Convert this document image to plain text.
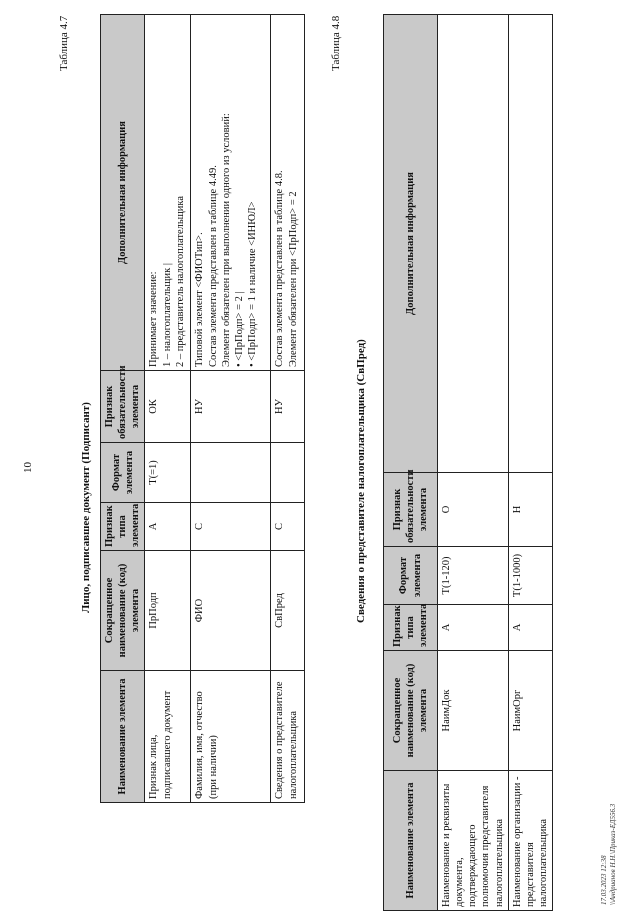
10
Таблица 4.7
Лицо, подписавшее документ (Подписант)
Наименование элемента	Сокращенное наименование (код) элемента	Признак типа элемента	Формат элемента	Признак обязательности элемента	Дополнительная информация
Признак лица, подписавшего документ	ПрПодп	А	Т(=1)	ОК	Принимает значение: 1 – налогоплательщик | 2 – представитель налогоплательщика

Фамилия, имя, отчество (при наличии)	ФИО	С		НУ	Типовой элемент <ФИОТип>. Состав элемента представлен в таблице 4.49. Элемент обязателен при выполнении одного из условий: • <ПрПодп> = 2 | • <ПрПодп> = 1 и наличие <ИНЮЛ>

Сведения о представителе налогоплательщика	СвПред	С		НУ	Состав элемента представлен в таблице 4.8. Элемент обязателен при <ПрПодп> = 2
Таблица 4.8
Сведения о представителе налогоплательщика (СвПред)
Наименование элемента	Сокращенное наименование (код) элемента	Признак типа элемента	Формат элемента	Признак обязательности элемента	Дополнительная информация
Наименование и реквизиты документа, подтверждающего полномочия представителя налогоплательщика	НаимДок	А	Т(1-120)	О	
Наименование организации - представителя налогоплательщика	НаимОрг	А	Т(1-1000)	Н	
17.03.2023 12:38 \\Андрианов Н.Н.\Приказ-ЕД556.3
